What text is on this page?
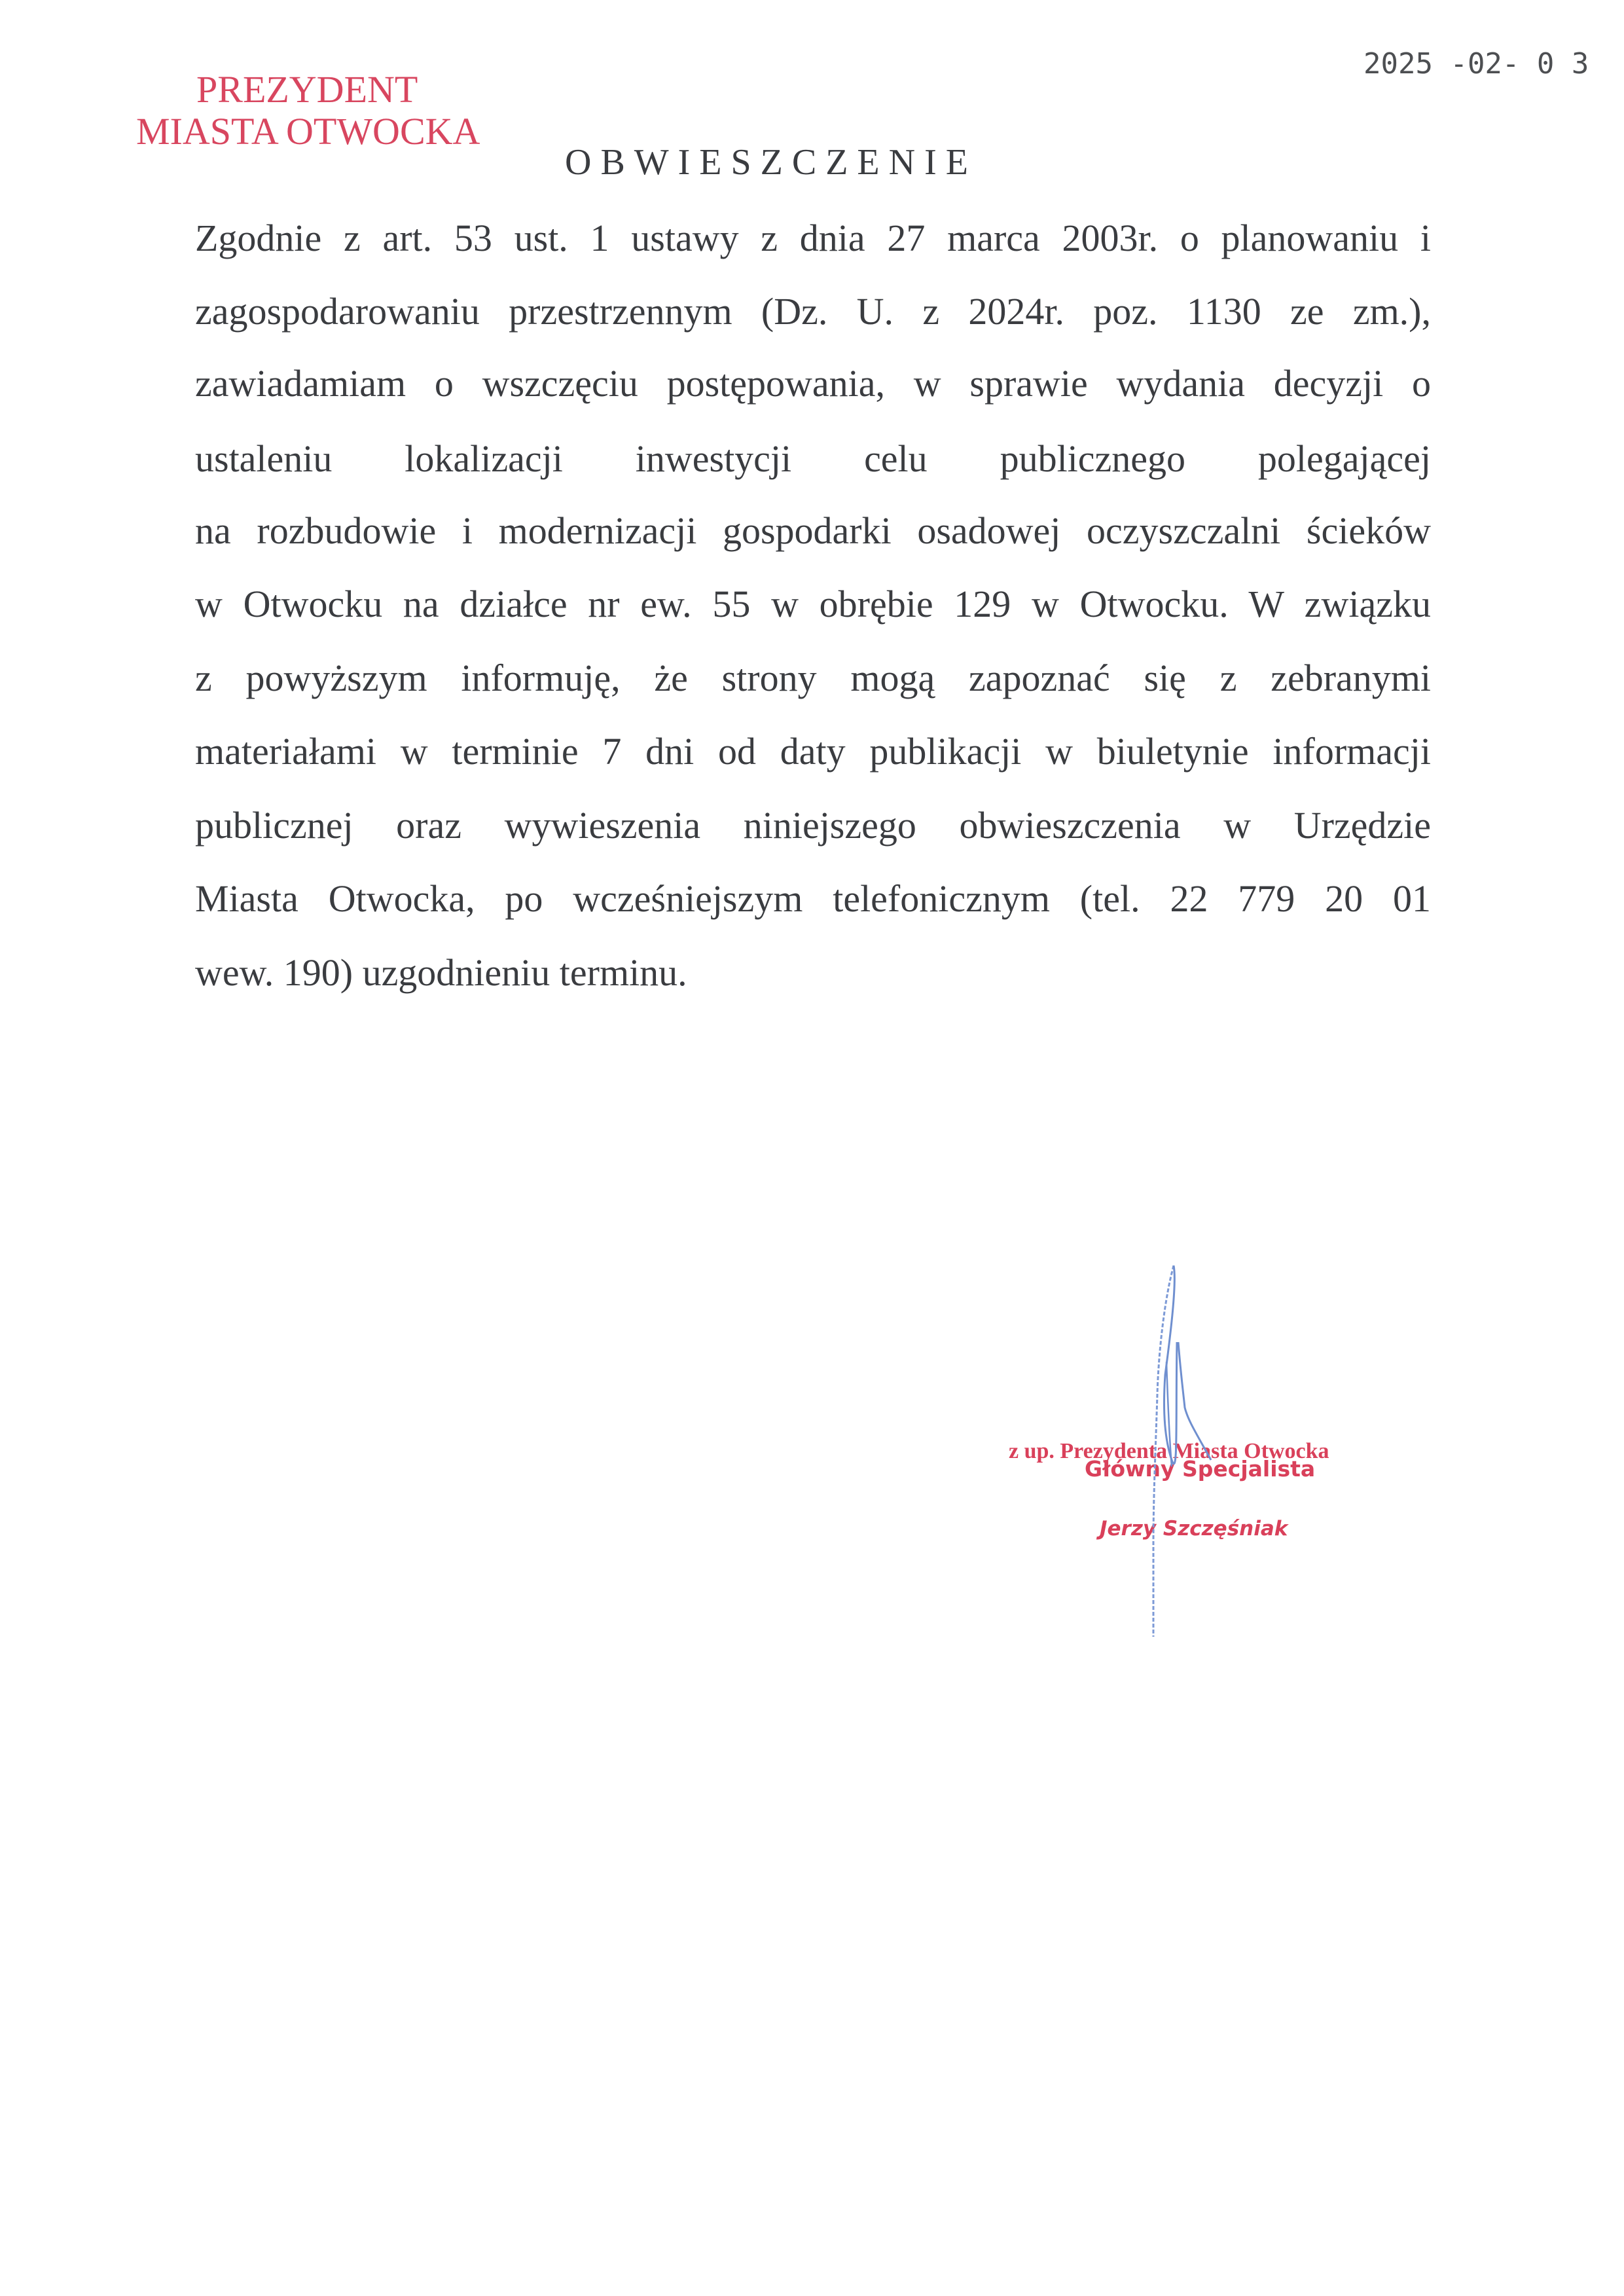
PREZYDENT
MIASTA OTWOCKA
2025 -02- 0 3
OBWIESZCZENIE
Zgodnie z art. 53 ust. 1 ustawy z dnia 27 marca 2003r. o planowaniu i
zagospodarowaniu przestrzennym (Dz. U. z 2024r. poz. 1130 ze zm.),
zawiadamiam o wszczęciu postępowania, w sprawie wydania decyzji o
ustaleniu lokalizacji inwestycji celu publicznego polegającej
na rozbudowie i modernizacji gospodarki osadowej oczyszczalni ścieków
w Otwocku na działce nr ew. 55 w obrębie 129 w Otwocku. W związku
z powyższym informuję, że strony mogą zapoznać się z zebranymi
materiałami w terminie 7 dni od daty publikacji w biuletynie informacji
publicznej oraz wywieszenia niniejszego obwieszczenia w Urzędzie
Miasta Otwocka, po wcześniejszym telefonicznym (tel. 22 779 20 01
wew. 190) uzgodnieniu terminu.
z up. Prezydenta Miasta Otwocka
Główny Specjalista
Jerzy Szczęśniak
